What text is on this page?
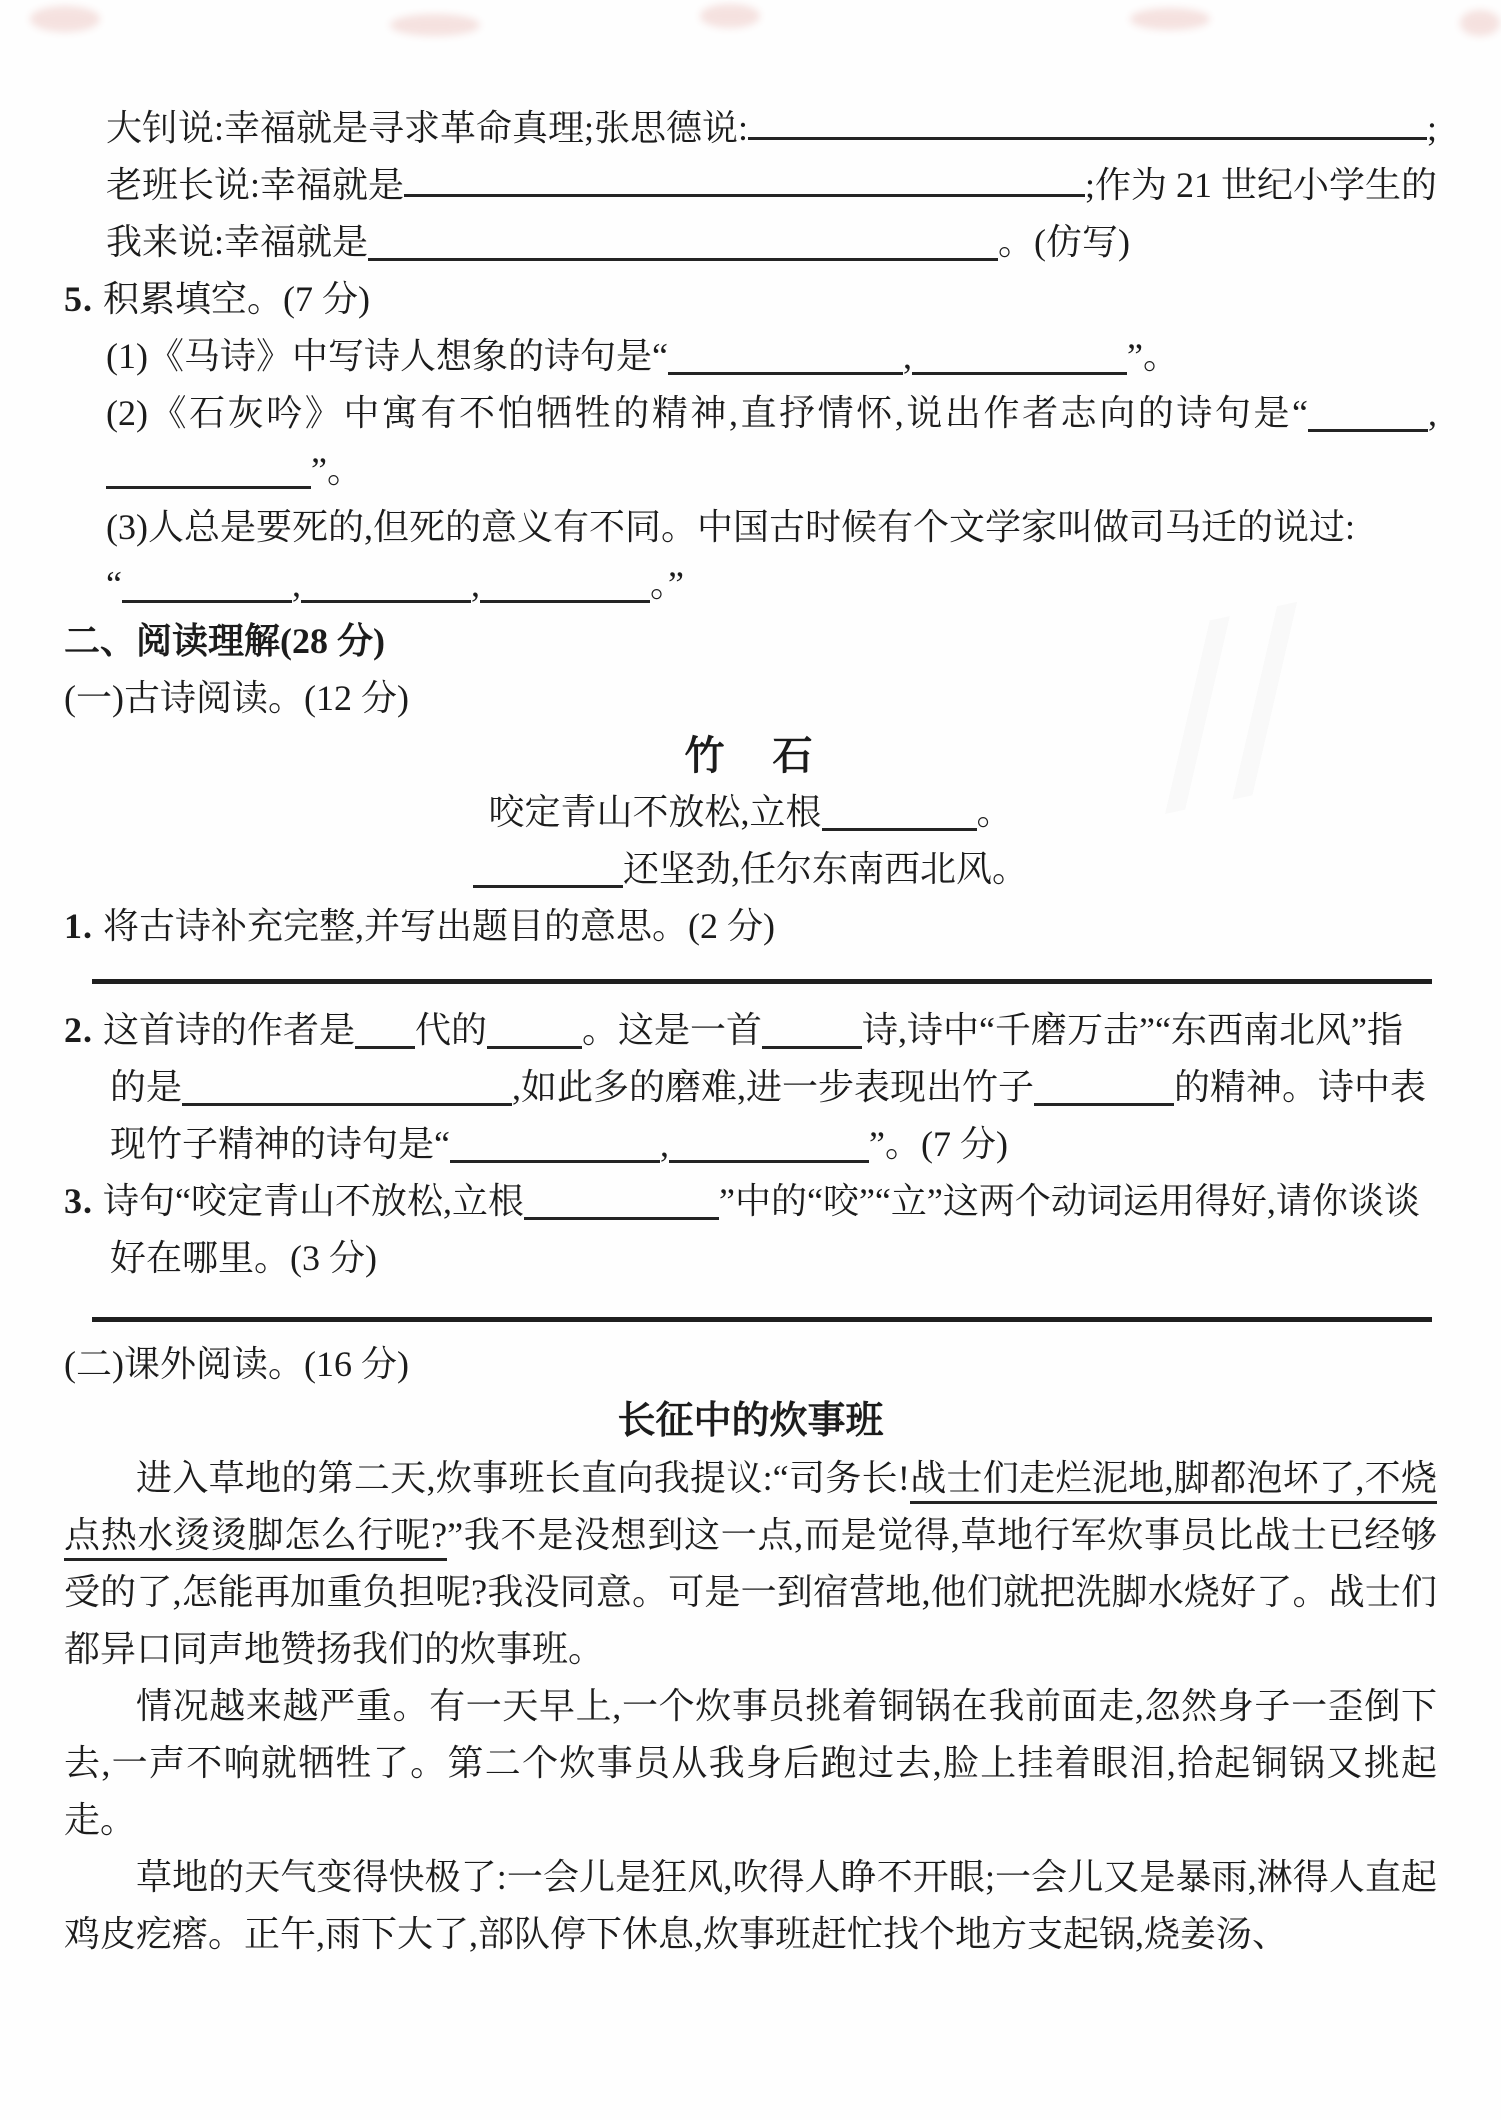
大钊说:幸福就是寻求革命真理;张思德说:	;
老班长说:幸福就是	;作为 21 世纪小学生的
我来说:幸福就是	。(仿写)
5. 积累填空。(7 分)
(1)《马诗》中写诗人想象的诗句是“	,	”。
(2)《石灰吟》中寓有不怕牺牲的精神,直抒情怀,说出作者志向的诗句是“	,”。
(3)人总是要死的,但死的意义有不同。中国古时候有个文学家叫做司马迁的说过:
“	,	,	。”
二、阅读理解(28 分)
(一)古诗阅读。(12 分)
竹　石
咬定青山不放松,立根	。
还坚劲,任尔东南西北风。
1. 将古诗补充完整,并写出题目的意思。(2 分)
2. 这首诗的作者是 代的	。这是一首	诗,诗中“千磨万击”“东西南北风”指的是	,如此多的磨难,进一步表现出竹子	的精神。诗中表现竹子精神的诗句是“	,	”。(7 分)
3. 诗句“咬定青山不放松,立根	”中的“咬”“立”这两个动词运用得好,请你谈谈好在哪里。(3 分)
(二)课外阅读。(16 分)
长征中的炊事班
进入草地的第二天,炊事班长直向我提议:“司务长!战士们走烂泥地,脚都泡坏了,不烧点热水烫烫脚怎么行呢?”我不是没想到这一点,而是觉得,草地行军炊事员比战士已经够受的了,怎能再加重负担呢?我没同意。可是一到宿营地,他们就把洗脚水烧好了。战士们都异口同声地赞扬我们的炊事班。
情况越来越严重。有一天早上,一个炊事员挑着铜锅在我前面走,忽然身子一歪倒下去,一声不响就牺牲了。第二个炊事员从我身后跑过去,脸上挂着眼泪,拾起铜锅又挑起走。
草地的天气变得快极了:一会儿是狂风,吹得人睁不开眼;一会儿又是暴雨,淋得人直起鸡皮疙瘩。正午,雨下大了,部队停下休息,炊事班赶忙找个地方支起锅,烧姜汤、
